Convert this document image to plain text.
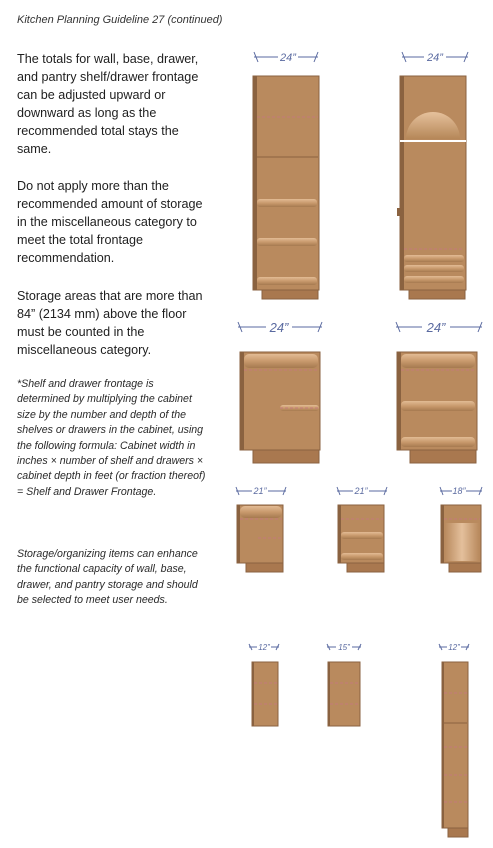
Kitchen Planning Guideline 27 (continued)

The totals for wall, base, drawer, and pantry shelf/drawer frontage can be adjusted upward or downward as long as the recommended total stays the same.

Do not apply more than the recommended amount of storage in the miscellaneous category to meet the total frontage recommendation.

Storage areas that are more than 84” (2134 mm) above the floor must be counted in the miscellaneous category.

*Shelf and drawer frontage is determined by multiplying the cabinet size by the number and depth of the shelves or drawers in the cabinet, using the following formula: Cabinet width in inches × number of shelf and drawers × cabinet depth in feet (or fraction thereof) = Shelf and Drawer Frontage.

Storage/organizing items can enhance the functional capacity of wall, base, drawer, and pantry storage and should be selected to meet user needs.

24”	24”
24”	24”
21”	21”	18”
12”	15”	12”
